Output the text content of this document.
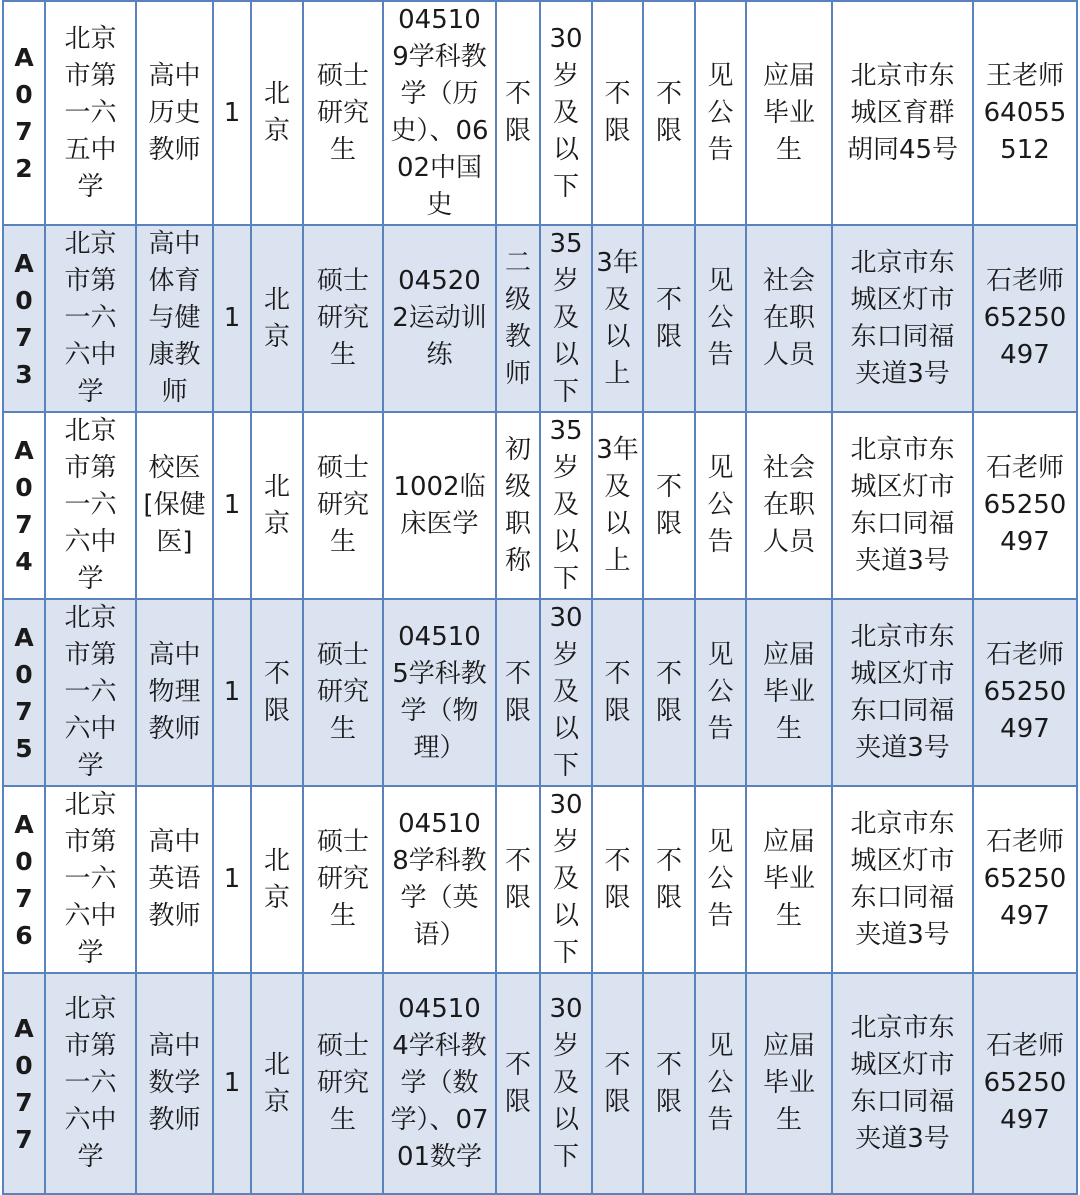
A072	北京市第一六五中学	高中历史教师	1	北京	硕士研究生	045109学科教学（历史）、0602中国史	不限	30岁及以下	不限	不限	见公告	应届毕业生	北京市东城区育群胡同45号	王老师64055512
A073	北京市第一六六中学	高中体育与健康教师	1	北京	硕士研究生	045202运动训练	二级教师	35岁及以下	3年及以上	不限	见公告	社会在职人员	北京市东城区灯市东口同福夹道3号	石老师65250497
A074	北京市第一六六中学	校医[保健医]	1	北京	硕士研究生	1002临床医学	初级职称	35岁及以下	3年及以上	不限	见公告	社会在职人员	北京市东城区灯市东口同福夹道3号	石老师65250497
A075	北京市第一六六中学	高中物理教师	1	不限	硕士研究生	045105学科教学（物理）	不限	30岁及以下	不限	不限	见公告	应届毕业生	北京市东城区灯市东口同福夹道3号	石老师65250497
A076	北京市第一六六中学	高中英语教师	1	北京	硕士研究生	045108学科教学（英语）	不限	30岁及以下	不限	不限	见公告	应届毕业生	北京市东城区灯市东口同福夹道3号	石老师65250497
A077	北京市第一六六中学	高中数学教师	1	北京	硕士研究生	045104学科教学（数学）、0701数学	不限	30岁及以下	不限	不限	见公告	应届毕业生	北京市东城区灯市东口同福夹道3号	石老师65250497
